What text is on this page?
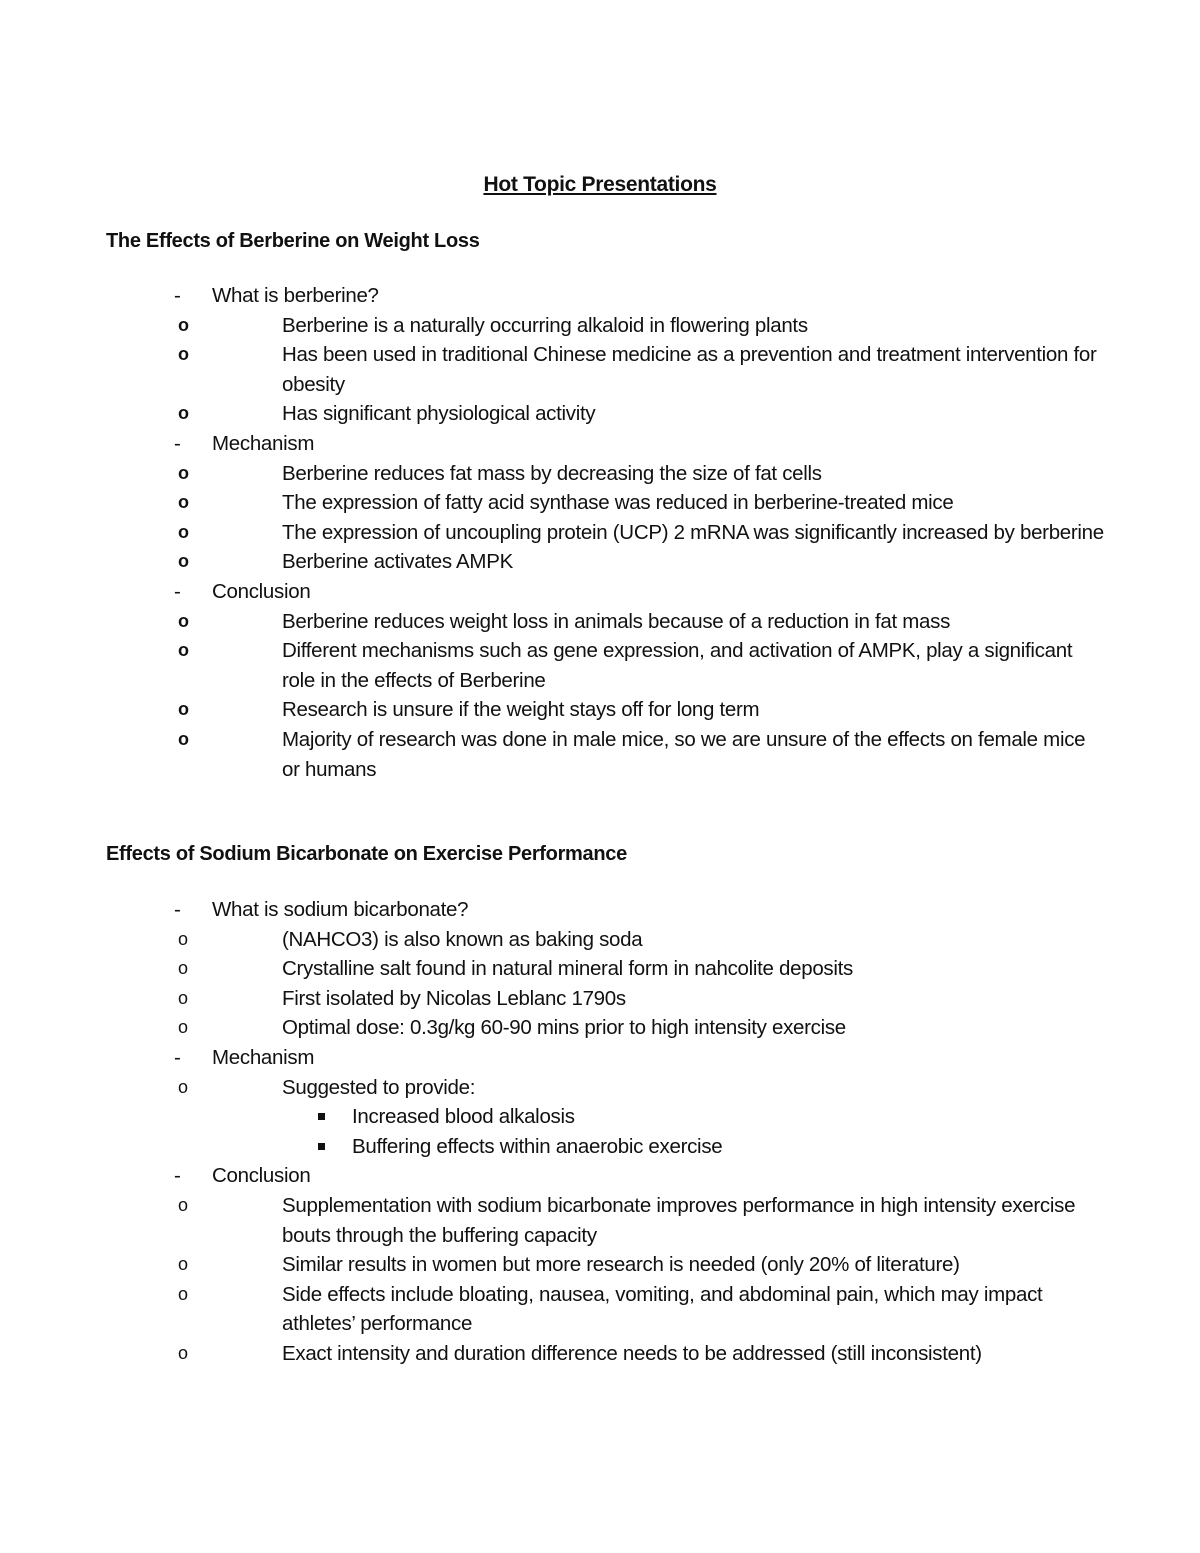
Hot Topic Presentations
The Effects of Berberine on Weight Loss
-	What is berberine?
o	Berberine is a naturally occurring alkaloid in flowering plants
o	Has been used in traditional Chinese medicine as a prevention and treatment intervention for obesity
o	Has significant physiological activity
-	Mechanism
o	Berberine reduces fat mass by decreasing the size of fat cells
o	The expression of fatty acid synthase was reduced in berberine-treated mice
o	The expression of uncoupling protein (UCP) 2 mRNA was significantly increased by berberine
o	Berberine activates AMPK
-	Conclusion
o	Berberine reduces weight loss in animals because of a reduction in fat mass
o	Different mechanisms such as gene expression, and activation of AMPK, play a significant role in the effects of Berberine
o	Research is unsure if the weight stays off for long term
o	Majority of research was done in male mice, so we are unsure of the effects on female mice or humans
Effects of Sodium Bicarbonate on Exercise Performance
-	What is sodium bicarbonate?
o	(NAHCO3) is also known as baking soda
o	Crystalline salt found in natural mineral form in nahcolite deposits
o	First isolated by Nicolas Leblanc 1790s
o	Optimal dose: 0.3g/kg 60-90 mins prior to high intensity exercise
-	Mechanism
o	Suggested to provide:
Increased blood alkalosis
Buffering effects within anaerobic exercise
-	Conclusion
o	Supplementation with sodium bicarbonate improves performance in high intensity exercise bouts through the buffering capacity
o	Similar results in women but more research is needed (only 20% of literature)
o	Side effects include bloating, nausea, vomiting, and abdominal pain, which may impact athletes’ performance
o	Exact intensity and duration difference needs to be addressed (still inconsistent)
